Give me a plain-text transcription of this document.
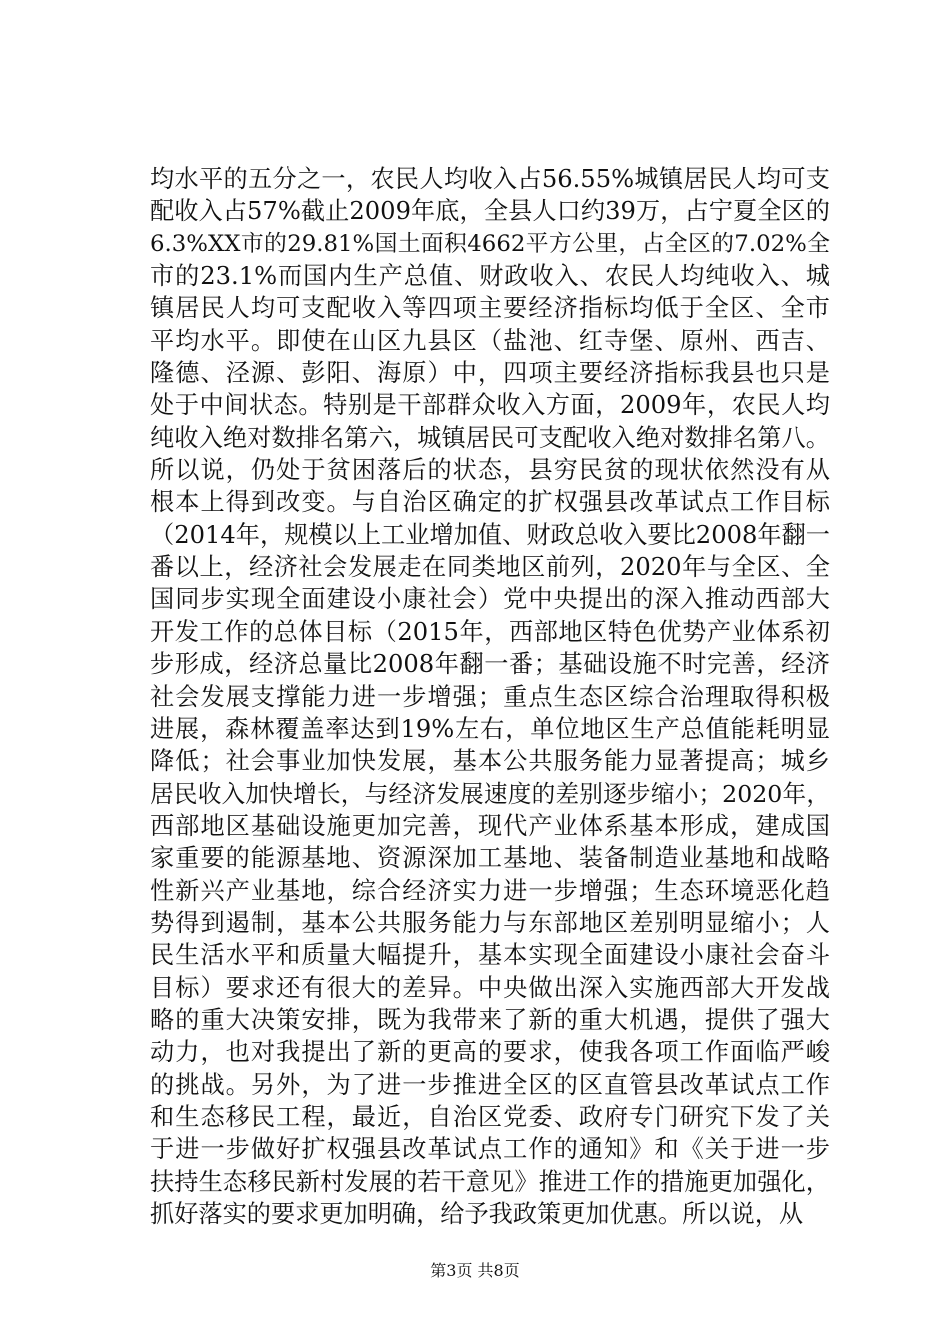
均水平的五分之一，农民人均收入占56.55%城镇居民人均可支
配收入占57%截止2009年底，全县人口约39万，占宁夏全区的
6.3%XX市的29.81%国土面积4662平方公里，占全区的7.02%全
市的23.1%而国内生产总值、财政收入、农民人均纯收入、城
镇居民人均可支配收入等四项主要经济指标均低于全区、全市
平均水平。即使在山区九县区（盐池、红寺堡、原州、西吉、
隆德、泾源、彭阳、海原）中，四项主要经济指标我县也只是
处于中间状态。特别是干部群众收入方面，2009年，农民人均
纯收入绝对数排名第六，城镇居民可支配收入绝对数排名第八。
所以说，仍处于贫困落后的状态，县穷民贫的现状依然没有从
根本上得到改变。与自治区确定的扩权强县改革试点工作目标
（2014年，规模以上工业增加值、财政总收入要比2008年翻一
番以上，经济社会发展走在同类地区前列，2020年与全区、全
国同步实现全面建设小康社会）党中央提出的深入推动西部大
开发工作的总体目标（2015年，西部地区特色优势产业体系初
步形成，经济总量比2008年翻一番；基础设施不时完善，经济
社会发展支撑能力进一步增强；重点生态区综合治理取得积极
进展，森林覆盖率达到19%左右，单位地区生产总值能耗明显
降低；社会事业加快发展，基本公共服务能力显著提高；城乡
居民收入加快增长，与经济发展速度的差别逐步缩小；2020年，
西部地区基础设施更加完善，现代产业体系基本形成，建成国
家重要的能源基地、资源深加工基地、装备制造业基地和战略
性新兴产业基地，综合经济实力进一步增强；生态环境恶化趋
势得到遏制，基本公共服务能力与东部地区差别明显缩小；人
民生活水平和质量大幅提升，基本实现全面建设小康社会奋斗
目标）要求还有很大的差异。中央做出深入实施西部大开发战
略的重大决策安排，既为我带来了新的重大机遇，提供了强大
动力，也对我提出了新的更高的要求，使我各项工作面临严峻
的挑战。另外，为了进一步推进全区的区直管县改革试点工作
和生态移民工程，最近，自治区党委、政府专门研究下发了关
于进一步做好扩权强县改革试点工作的通知》和《关于进一步
扶持生态移民新村发展的若干意见》推进工作的措施更加强化，
抓好落实的要求更加明确，给予我政策更加优惠。所以说，从
第3页 共8页
